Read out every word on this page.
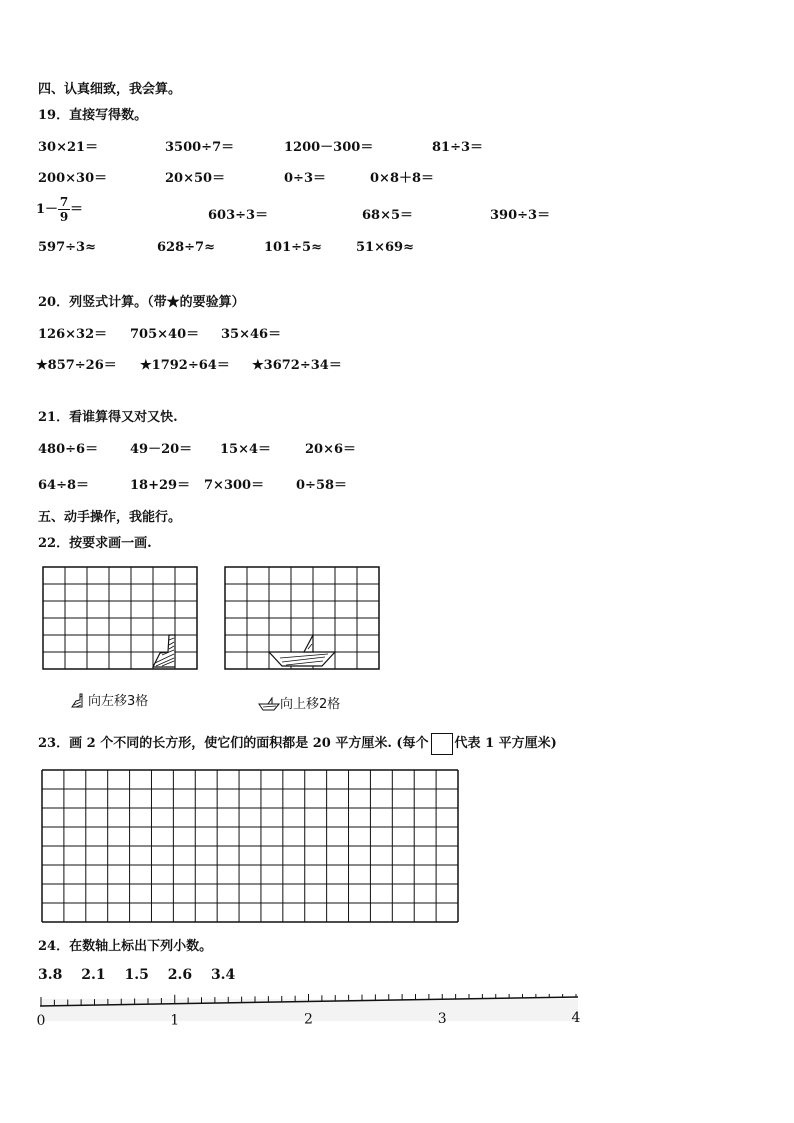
四、认真细致，我会算。
19．直接写得数。
30×21＝	3500÷7＝	1200－300＝	81÷3＝
200×30＝	20×50＝	0÷3＝	0×8＋8＝
$1- \frac{7}{9}$ ＝	603÷3＝	68×5＝	390÷3＝
597÷3≈	628÷7≈	101÷5≈	51×69≈
20．列竖式计算。（带★的要验算）
126×32＝ 705×40＝ 35×46＝
★857÷26＝ ★1792÷64＝ ★3672÷34＝
21．看谁算得又对又快.
480÷6＝ 49－20＝ 15×4＝	20×6＝
64÷8＝	18+29＝ 7×300＝ 0÷58＝
五、动手操作，我能行。
22．按要求画一画.
向左移3格	向上移2格
23．画 2 个不同的长方形，使它们的面积都是 20 平方厘米. (每个 代表 1 平方厘米)
24．在数轴上标出下列小数。
3.8 2.1 1.5 2.6 3.4
0	1	2	3	4
